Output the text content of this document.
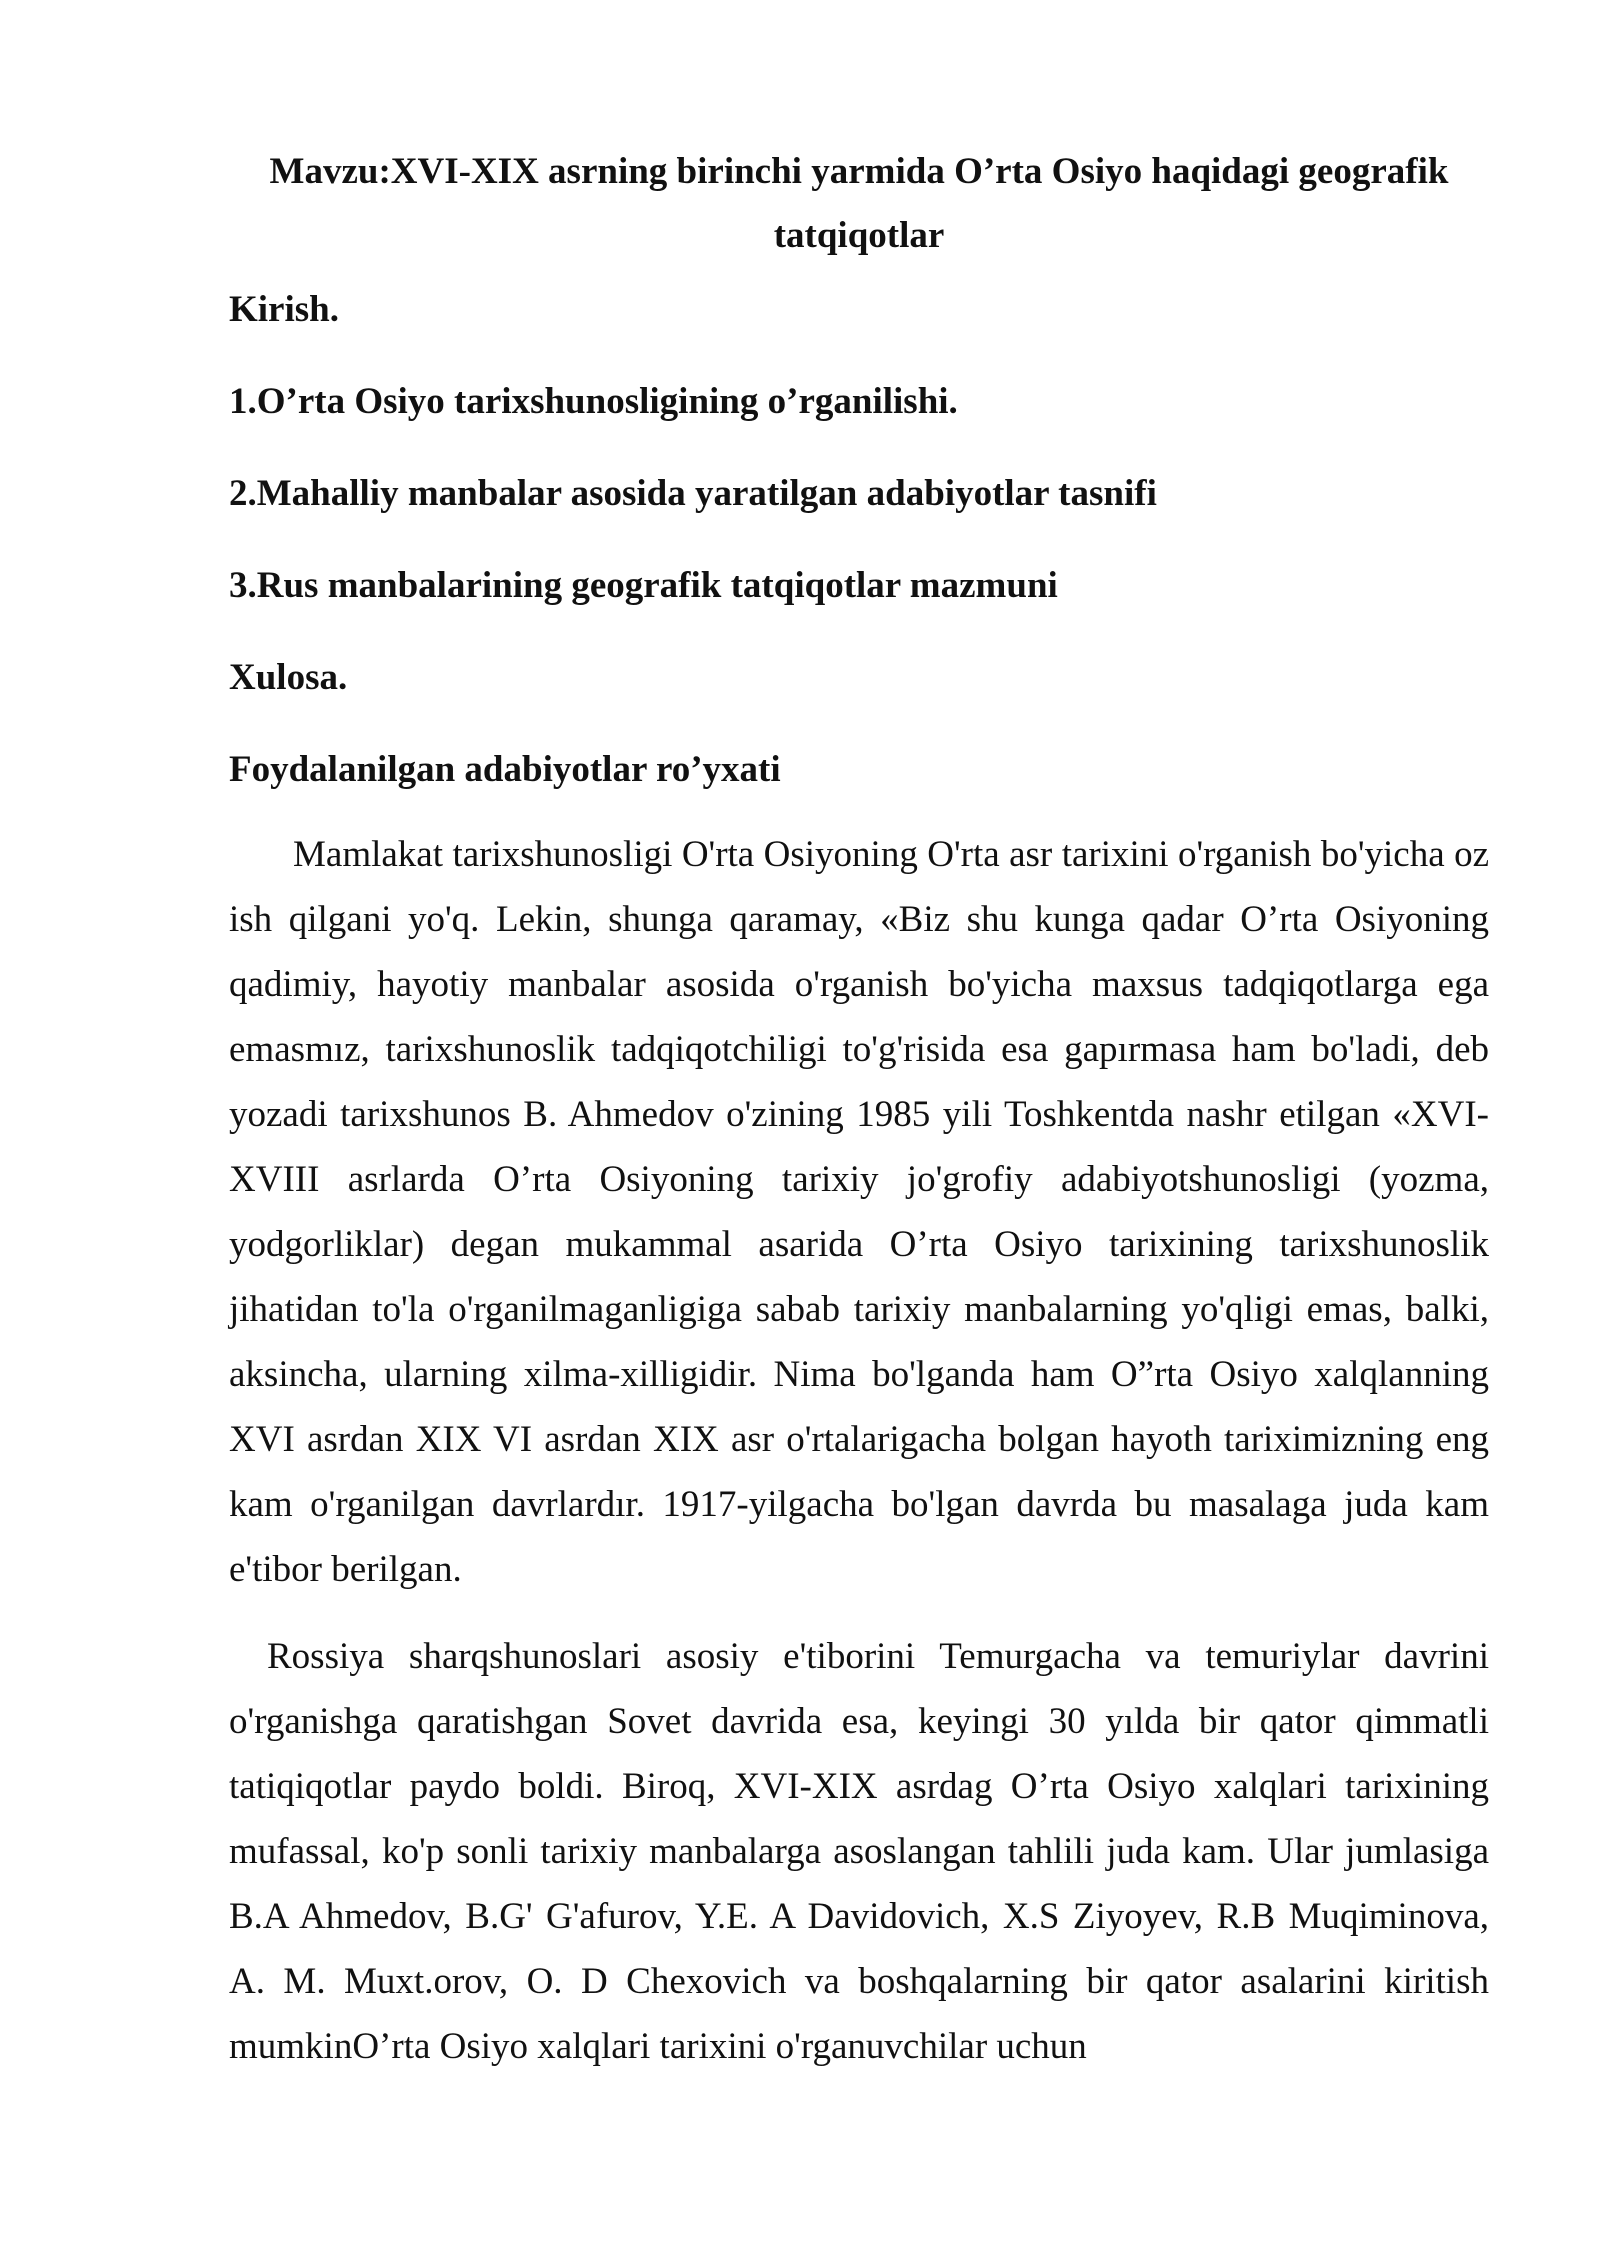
Mavzu:XVI-XIX asrning birinchi yarmida O’rta Osiyo haqidagi geografik tatqiqotlar
Kirish.
1.O’rta Osiyo tarixshunosligining o’rganilishi.
2.Mahalliy manbalar asosida yaratilgan adabiyotlar tasnifi
3.Rus manbalarining geografik tatqiqotlar mazmuni
Xulosa.
Foydalanilgan adabiyotlar ro’yxati

Mamlakat tarixshunosligi O'rta Osiyoning O'rta asr tarixini o'rganish bo'yicha oz ish qilgani yo'q. Lekin, shunga qaramay, «Biz shu kunga qadar O’rta Osiyoning qadimiy, hayotiy manbalar asosida o'rganish bo'yicha maxsus tadqiqotlarga ega emasmız, tarixshunoslik tadqiqotchiligi to'g'risida esa gapırmasa ham bo'ladi, deb yozadi tarixshunos B. Ahmedov o'zining 1985 yili Toshkentda nashr etilgan «XVI-XVIII asrlarda O’rta Osiyoning tarixiy jo'grofiy adabiyotshunosligi (yozma, yodgorliklar) degan mukammal asarida O’rta Osiyo tarixining tarixshunoslik jihatidan to'la o'rganilmaganligiga sabab tarixiy manbalarning yo'qligi emas, balki, aksincha, ularning xilma-xilligidir. Nima bo'lganda ham O”rta Osiyo xalqlanning XVI asrdan XIX VI asrdan XIX asr o'rtalarigacha bolgan hayoth tariximizning eng kam o'rganilgan davrlardır. 1917-yilgacha bo'lgan davrda bu masalaga juda kam e'tibor berilgan.

Rossiya sharqshunoslari asosiy e'tiborini Temurgacha va temuriylar davrini o'rganishga qaratishgan Sovet davrida esa, keyingi 30 yılda bir qator qimmatli tatiqiqotlar paydo boldi. Biroq, XVI-XIX asrdag O’rta Osiyo xalqlari tarixining mufassal, ko'p sonli tarixiy manbalarga asoslangan tahlili juda kam. Ular jumlasiga B.A Ahmedov, B.G' G'afurov, Y.E. A Davidovich, X.S Ziyoyev, R.B Muqiminova, A. M. Muxt.orov, O. D Chexovich va boshqalarning bir qator asalarini kiritish mumkinO’rta Osiyo xalqlari tarixini o'rganuvchilar uchun
